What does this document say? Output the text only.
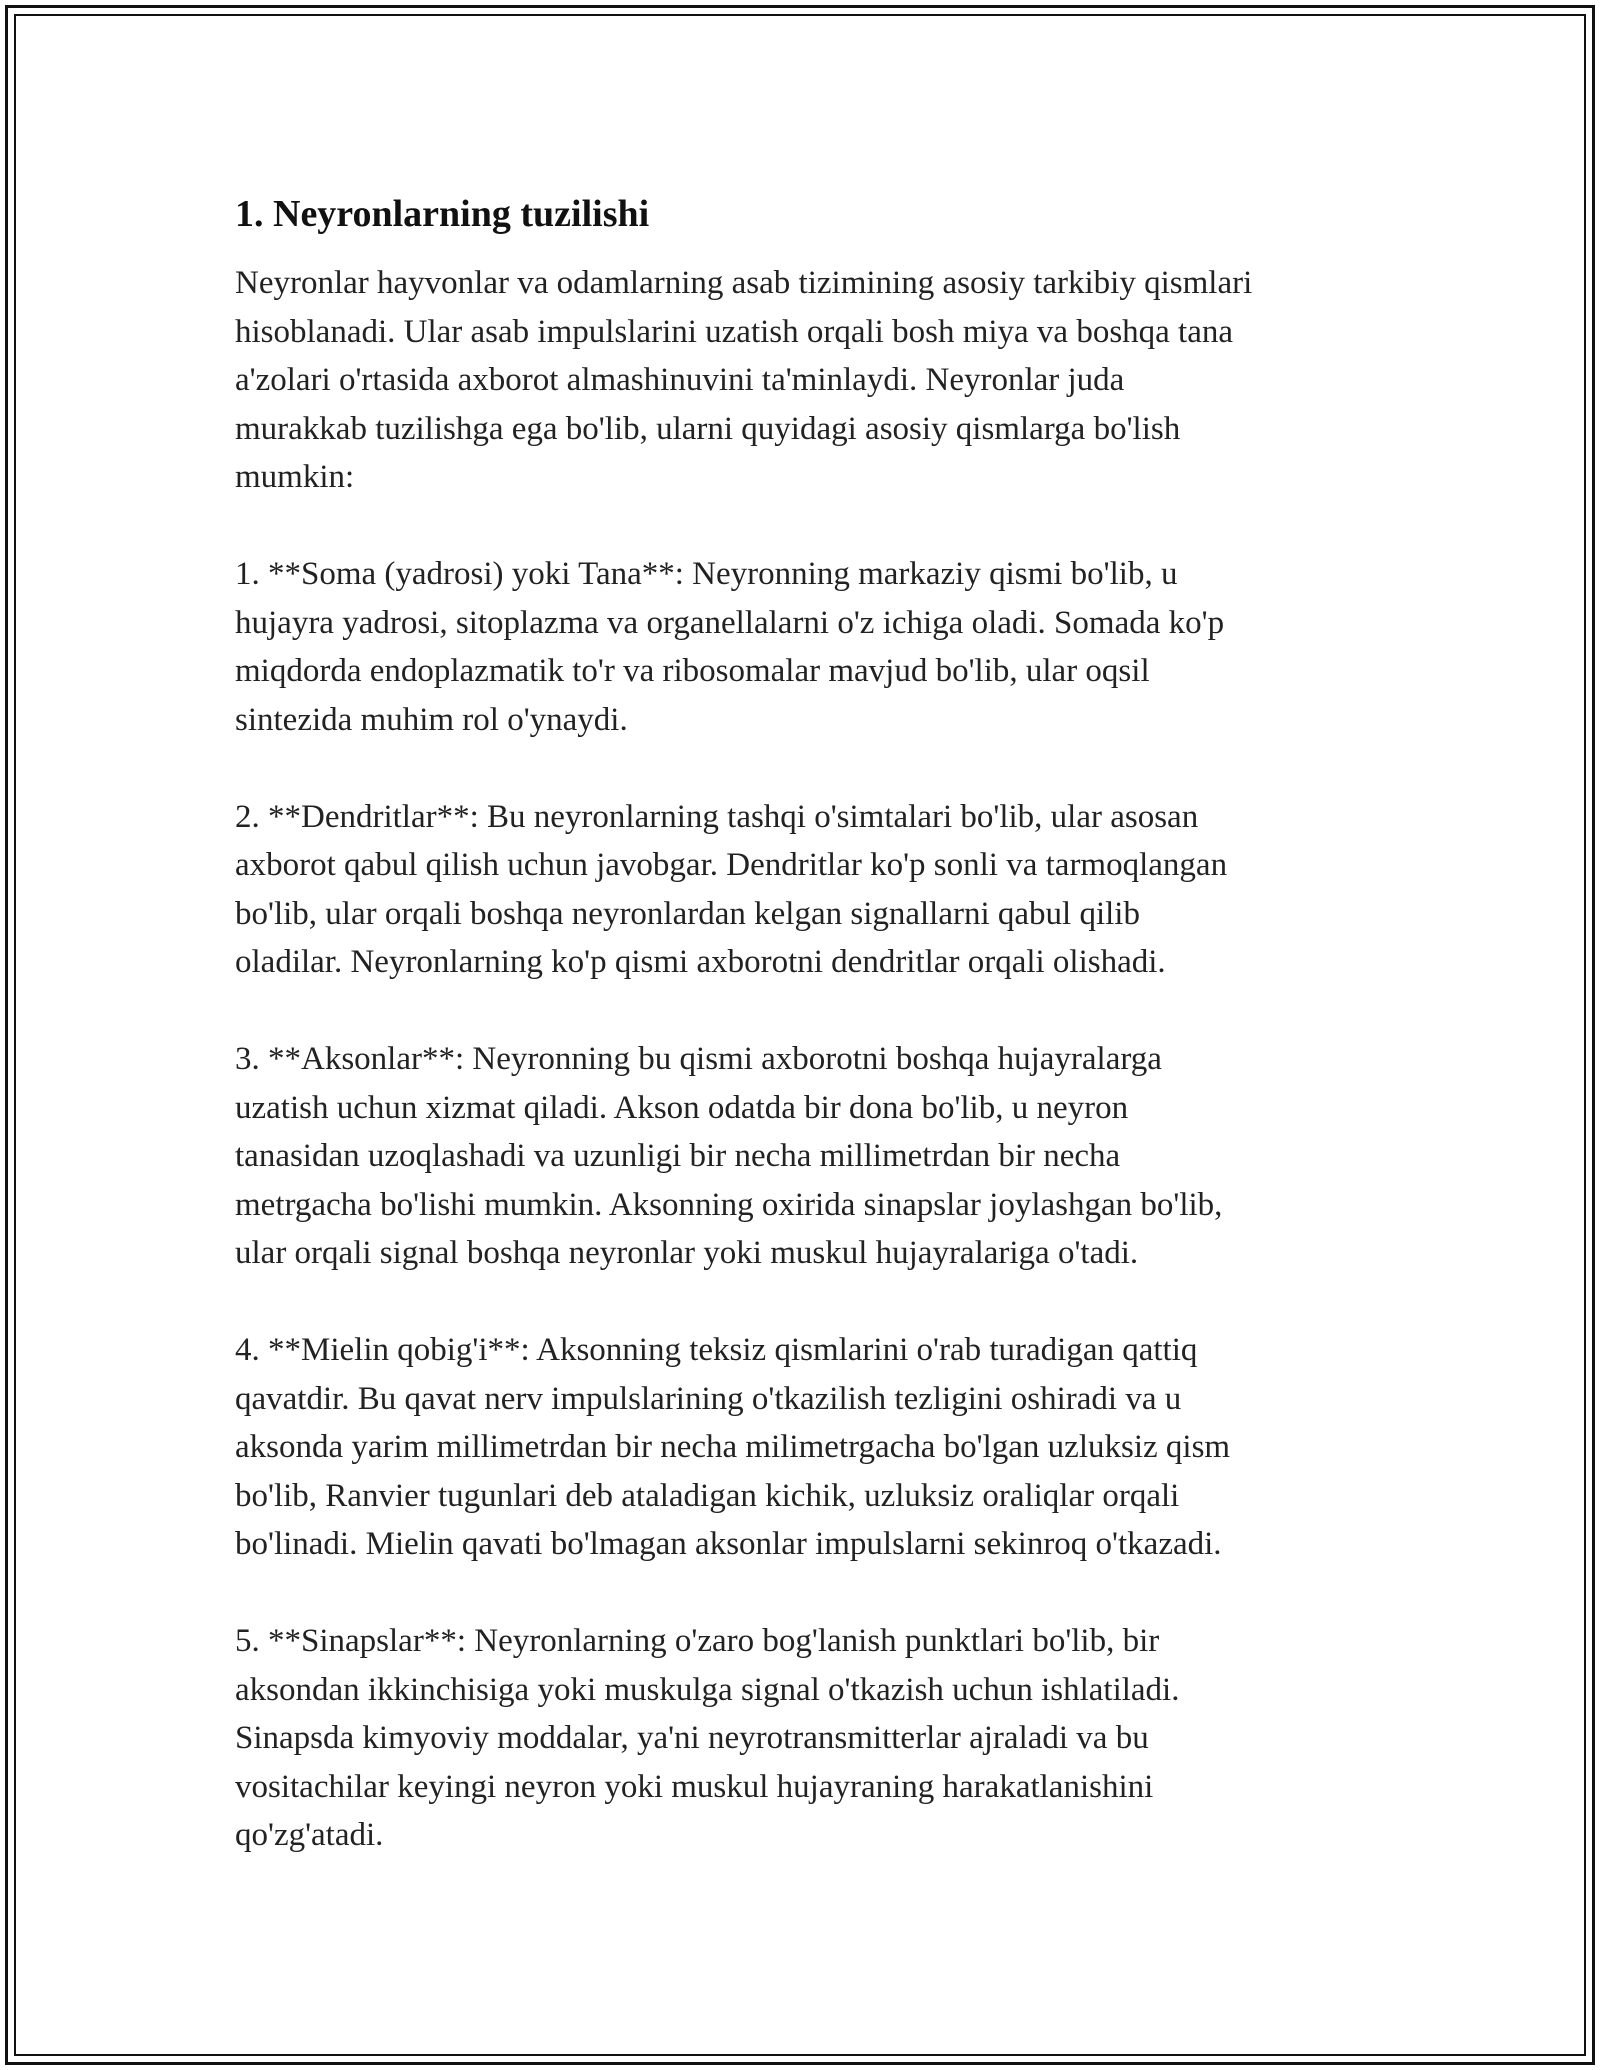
1. Neyronlarning tuzilishi

Neyronlar hayvonlar va odamlarning asab tizimining asosiy tarkibiy qismlari
hisoblanadi. Ular asab impulslarini uzatish orqali bosh miya va boshqa tana
a'zolari o'rtasida axborot almashinuvini ta'minlaydi. Neyronlar juda
murakkab tuzilishga ega bo'lib, ularni quyidagi asosiy qismlarga bo'lish
mumkin:

1. **Soma (yadrosi) yoki Tana**: Neyronning markaziy qismi bo'lib, u
hujayra yadrosi, sitoplazma va organellalarni o'z ichiga oladi. Somada ko'p
miqdorda endoplazmatik to'r va ribosomalar mavjud bo'lib, ular oqsil
sintezida muhim rol o'ynaydi.

2. **Dendritlar**: Bu neyronlarning tashqi o'simtalari bo'lib, ular asosan
axborot qabul qilish uchun javobgar. Dendritlar ko'p sonli va tarmoqlangan
bo'lib, ular orqali boshqa neyronlardan kelgan signallarni qabul qilib
oladilar. Neyronlarning ko'p qismi axborotni dendritlar orqali olishadi.

3. **Aksonlar**: Neyronning bu qismi axborotni boshqa hujayralarga
uzatish uchun xizmat qiladi. Akson odatda bir dona bo'lib, u neyron
tanasidan uzoqlashadi va uzunligi bir necha millimetrdan bir necha
metrgacha bo'lishi mumkin. Aksonning oxirida sinapslar joylashgan bo'lib,
ular orqali signal boshqa neyronlar yoki muskul hujayralariga o'tadi.

4. **Mielin qobig'i**: Aksonning teksiz qismlarini o'rab turadigan qattiq
qavatdir. Bu qavat nerv impulslarining o'tkazilish tezligini oshiradi va u
aksonda yarim millimetrdan bir necha milimetrgacha bo'lgan uzluksiz qism
bo'lib, Ranvier tugunlari deb ataladigan kichik, uzluksiz oraliqlar orqali
bo'linadi. Mielin qavati bo'lmagan aksonlar impulslarni sekinroq o'tkazadi.

5. **Sinapslar**: Neyronlarning o'zaro bog'lanish punktlari bo'lib, bir
aksondan ikkinchisiga yoki muskulga signal o'tkazish uchun ishlatiladi.
Sinapsda kimyoviy moddalar, ya'ni neyrotransmitterlar ajraladi va bu
vositachilar keyingi neyron yoki muskul hujayraning harakatlanishini
qo'zg'atadi.
